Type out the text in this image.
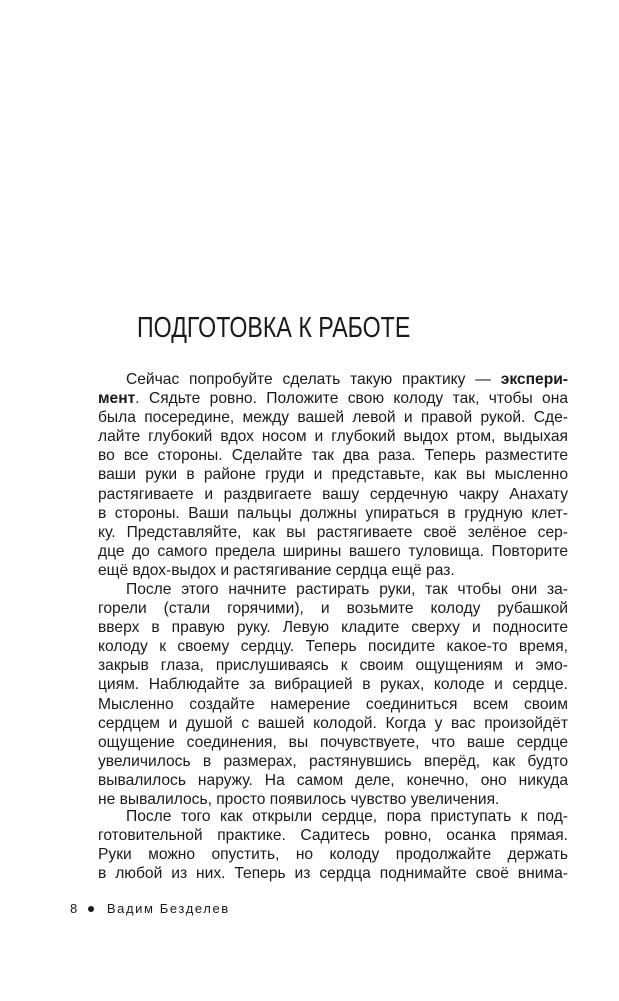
ПОДГОТОВКА К РАБОТЕ
Сейчас попробуйте сделать такую практику — экспери-
мент. Сядьте ровно. Положите свою колоду так, чтобы она
была посередине, между вашей левой и правой рукой. Сде-
лайте глубокий вдох носом и глубокий выдох ртом, выдыхая
во все стороны. Сделайте так два раза. Теперь разместите
ваши руки в районе груди и представьте, как вы мысленно
растягиваете и раздвигаете вашу сердечную чакру Анахату
в стороны. Ваши пальцы должны упираться в грудную клет-
ку. Представляйте, как вы растягиваете своё зелёное сер-
дце до самого предела ширины вашего туловища. Повторите
ещё вдох-выдох и растягивание сердца ещё раз.
После этого начните растирать руки, так чтобы они за-
горели (стали горячими), и возьмите колоду рубашкой
вверх в правую руку. Левую кладите сверху и подносите
колоду к своему сердцу. Теперь посидите какое-то время,
закрыв глаза, прислушиваясь к своим ощущениям и эмо-
циям. Наблюдайте за вибрацией в руках, колоде и сердце.
Мысленно создайте намерение соединиться всем своим
сердцем и душой с вашей колодой. Когда у вас произойдёт
ощущение соединения, вы почувствуете, что ваше сердце
увеличилось в размерах, растянувшись вперёд, как будто
вывалилось наружу. На самом деле, конечно, оно никуда
не вывалилось, просто появилось чувство увеличения.
После того как открыли сердце, пора приступать к под-
готовительной практике. Садитесь ровно, осанка прямая.
Руки можно опустить, но колоду продолжайте держать
в любой из них. Теперь из сердца поднимайте своё внима-
8 Вадим Безделев
